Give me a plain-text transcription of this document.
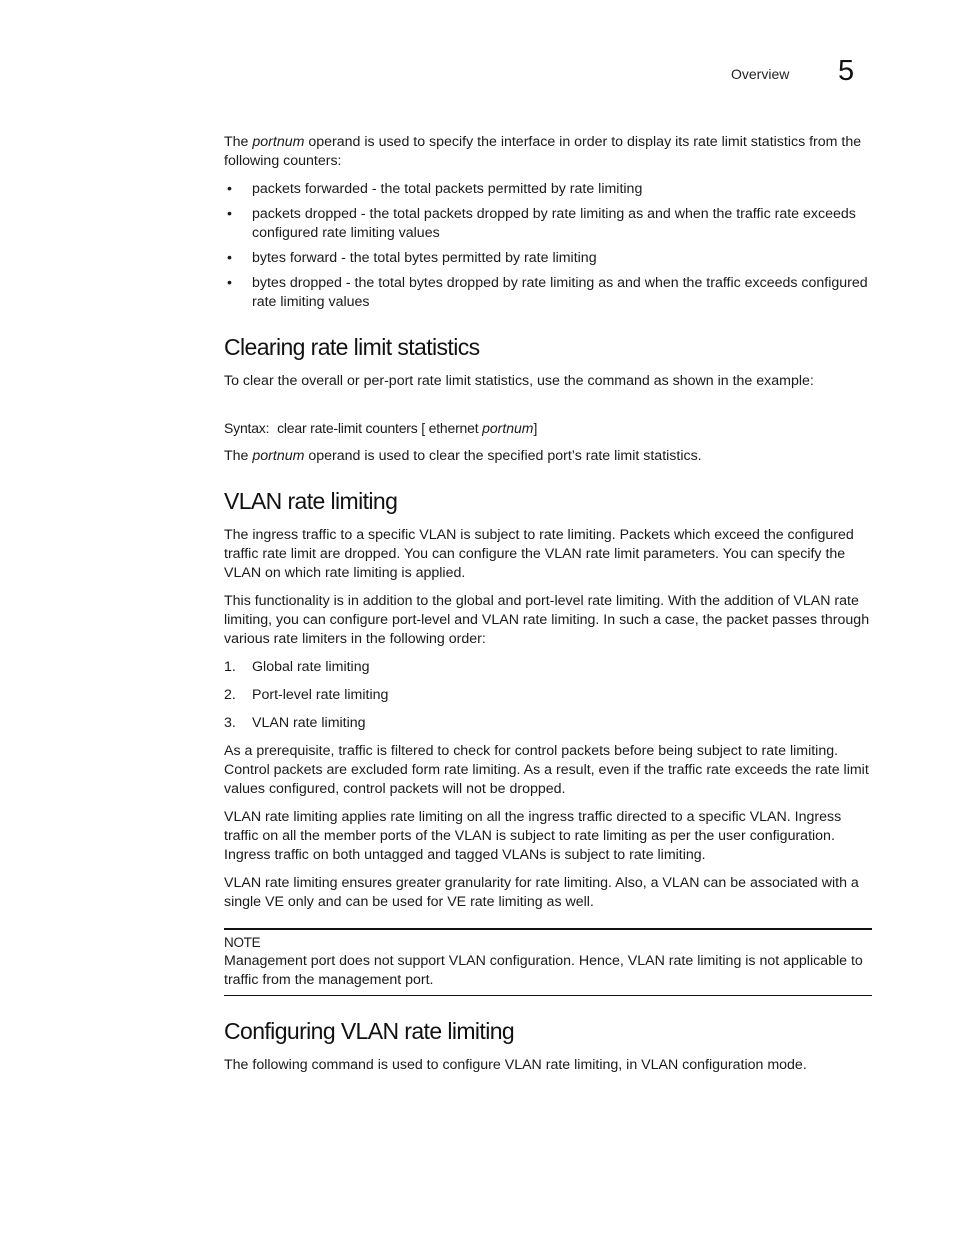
Overview 5

The portnum operand is used to specify the interface in order to display its rate limit statistics from the following counters:

• packets forwarded - the total packets permitted by rate limiting
• packets dropped - the total packets dropped by rate limiting as and when the traffic rate exceeds configured rate limiting values
• bytes forward - the total bytes permitted by rate limiting
• bytes dropped - the total bytes dropped by rate limiting as and when the traffic exceeds configured rate limiting values
Clearing rate limit statistics

To clear the overall or per-port rate limit statistics, use the command as shown in the example:

Syntax: clear rate-limit counters [ ethernet portnum]

The portnum operand is used to clear the specified port’s rate limit statistics.

VLAN rate limiting

The ingress traffic to a specific VLAN is subject to rate limiting. Packets which exceed the configured traffic rate limit are dropped. You can configure the VLAN rate limit parameters. You can specify the VLAN on which rate limiting is applied.

This functionality is in addition to the global and port-level rate limiting. With the addition of VLAN rate limiting, you can configure port-level and VLAN rate limiting. In such a case, the packet passes through various rate limiters in the following order:

1. Global rate limiting
2. Port-level rate limiting
3. VLAN rate limiting

As a prerequisite, traffic is filtered to check for control packets before being subject to rate limiting. Control packets are excluded form rate limiting. As a result, even if the traffic rate exceeds the rate limit values configured, control packets will not be dropped.

VLAN rate limiting applies rate limiting on all the ingress traffic directed to a specific VLAN. Ingress traffic on all the member ports of the VLAN is subject to rate limiting as per the user configuration. Ingress traffic on both untagged and tagged VLANs is subject to rate limiting.

VLAN rate limiting ensures greater granularity for rate limiting. Also, a VLAN can be associated with a single VE only and can be used for VE rate limiting as well.

NOTE

Management port does not support VLAN configuration. Hence, VLAN rate limiting is not applicable to traffic from the management port.

Configuring VLAN rate limiting

The following command is used to configure VLAN rate limiting, in VLAN configuration mode.
